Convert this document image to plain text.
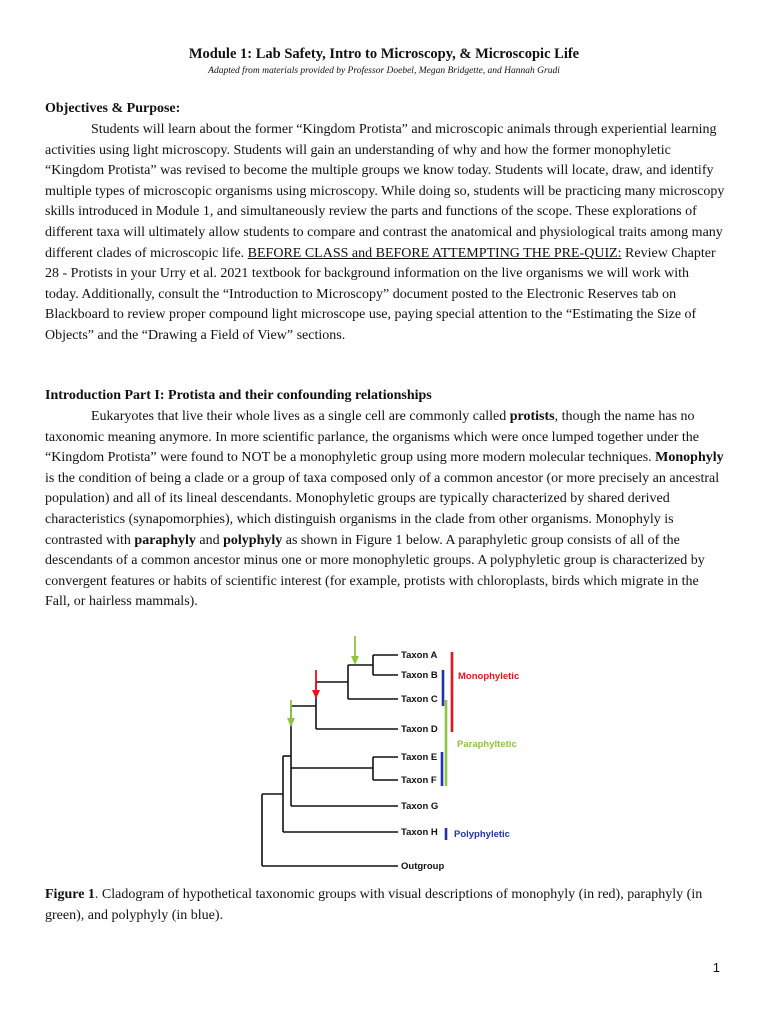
Module 1: Lab Safety, Intro to Microscopy, & Microscopic Life
Adapted from materials provided by Professor Doebel, Megan Bridgette, and Hannah Grudi
Objectives & Purpose:

Students will learn about the former “Kingdom Protista” and microscopic animals through experiential learning activities using light microscopy. Students will gain an understanding of why and how the former monophyletic “Kingdom Protista” was revised to become the multiple groups we know today. Students will locate, draw, and identify multiple types of microscopic organisms using microscopy. While doing so, students will be practicing many microscopy skills introduced in Module 1, and simultaneously review the parts and functions of the scope. These explorations of different taxa will ultimately allow students to compare and contrast the anatomical and physiological traits among many different clades of microscopic life. BEFORE CLASS and BEFORE ATTEMPTING THE PRE-QUIZ: Review Chapter 28 - Protists in your Urry et al. 2021 textbook for background information on the live organisms we will work with today. Additionally, consult the “Introduction to Microscopy” document posted to the Electronic Reserves tab on Blackboard to review proper compound light microscope use, paying special attention to the “Estimating the Size of Objects” and the “Drawing a Field of View” sections.

Introduction Part I: Protista and their confounding relationships

Eukaryotes that live their whole lives as a single cell are commonly called protists, though the name has no taxonomic meaning anymore. In more scientific parlance, the organisms which were once lumped together under the “Kingdom Protista” were found to NOT be a monophyletic group using more modern molecular techniques. Monophyly is the condition of being a clade or a group of taxa composed only of a common ancestor (or more precisely an ancestral population) and all of its lineal descendants. Monophyletic groups are typically characterized by shared derived characteristics (synapomorphies), which distinguish organisms in the clade from other organisms. Monophyly is contrasted with paraphyly and polyphyly as shown in Figure 1 below. A paraphyletic group consists of all of the descendants of a common ancestor minus one or more monophyletic groups. A polyphyletic group is characterized by convergent features or habits of scientific interest (for example, protists with chloroplasts, birds which migrate in the Fall, or hairless mammals).

Taxon A
Taxon B
Taxon C
Taxon D
Taxon E
Taxon F
Taxon G
Taxon H
Outgroup
Monophyletic
Paraphyltetic
Polyphyletic

Figure 1. Cladogram of hypothetical taxonomic groups with visual descriptions of monophyly (in red), paraphyly (in green), and polyphyly (in blue).

1
